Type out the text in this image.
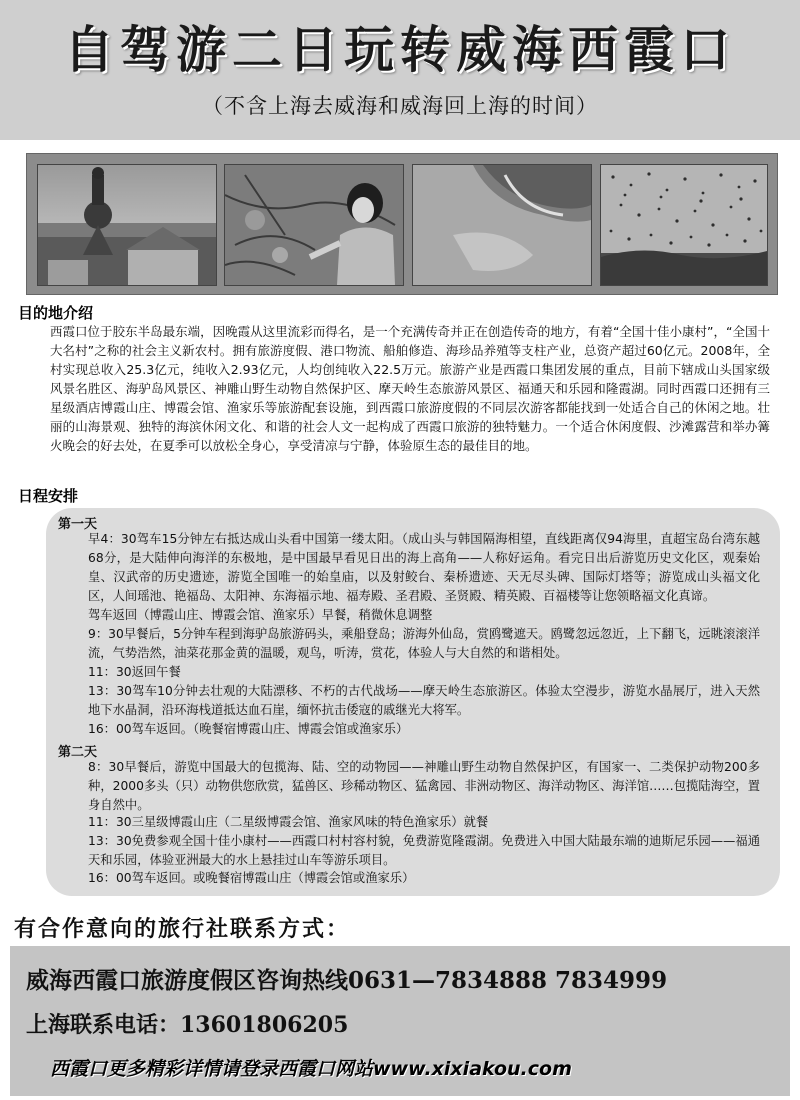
自驾游二日玩转威海西霞口
（不含上海去威海和威海回上海的时间）
目的地介绍
西霞口位于胶东半岛最东端，因晚霞从这里流彩而得名，是一个充满传奇并正在创造传奇的地方，有着“全国十佳小康村”，“全国十大名村”之称的社会主义新农村。拥有旅游度假、港口物流、船舶修造、海珍品养殖等支柱产业，总资产超过60亿元。2008年，全村实现总收入25.3亿元，纯收入2.93亿元，人均创纯收入22.5万元。旅游产业是西霞口集团发展的重点，目前下辖成山头国家级风景名胜区、海驴岛风景区、神雕山野生动物自然保护区、摩天岭生态旅游风景区、福通天和乐园和隆霞湖。同时西霞口还拥有三星级酒店博霞山庄、博霞会馆、渔家乐等旅游配套设施，到西霞口旅游度假的不同层次游客都能找到一处适合自己的休闲之地。壮丽的山海景观、独特的海滨休闲文化、和谐的社会人文一起构成了西霞口旅游的独特魅力。一个适合休闲度假、沙滩露营和举办篝火晚会的好去处，在夏季可以放松全身心，享受清凉与宁静，体验原生态的最佳目的地。
日程安排
第一天
早4：30驾车15分钟左右抵达成山头看中国第一缕太阳。（成山头与韩国隔海相望，直线距离仅94海里，直超宝岛台湾东越68分，是大陆伸向海洋的东极地，是中国最早看见日出的海上高角——人称好运角。看完日出后游览历史文化区，观秦始皇、汉武帝的历史遗迹，游览全国唯一的始皇庙，以及射鲛台、秦桥遗迹、天无尽头碑、国际灯塔等；游览成山头福文化区，人间瑶池、艳福岛、太阳神、东海福示地、福寿殿、圣君殿、圣贤殿、精英殿、百福楼等让您领略福文化真谛。
驾车返回（博霞山庄、博霞会馆、渔家乐）早餐，稍微休息调整
9：30早餐后，5分钟车程到海驴岛旅游码头，乘船登岛；游海外仙岛，赏鸥鹭遮天。鸥鹭忽远忽近，上下翻飞，远眺滚滚洋流，气势浩然，油菜花那金黄的温暖，观鸟，听涛，赏花，体验人与大自然的和谐相处。
11：30返回午餐
13：30驾车10分钟去壮观的大陆漂移、不朽的古代战场——摩天岭生态旅游区。体验太空漫步，游览水晶展厅，进入天然地下水晶洞，沿环海栈道抵达血石崖，缅怀抗击倭寇的戚继光大将军。
16：00驾车返回。（晚餐宿博霞山庄、博霞会馆或渔家乐）
第二天
8：30早餐后，游览中国最大的包揽海、陆、空的动物园——神雕山野生动物自然保护区，有国家一、二类保护动物200多种，2000多头（只）动物供您欣赏，猛兽区、珍稀动物区、猛禽园、非洲动物区、海洋动物区、海洋馆……包揽陆海空，置身自然中。
11：30三星级博霞山庄（二星级博霞会馆、渔家风味的特色渔家乐）就餐
13：30免费参观全国十佳小康村——西霞口村村容村貌，免费游览隆霞湖。免费进入中国大陆最东端的迪斯尼乐园——福通天和乐园，体验亚洲最大的水上悬挂过山车等游乐项目。
16：00驾车返回。或晚餐宿博霞山庄（博霞会馆或渔家乐）
有合作意向的旅行社联系方式：
威海西霞口旅游度假区咨询热线0631—7834888 7834999
上海联系电话：13601806205
西霞口更多精彩详情请登录西霞口网站www.xixiakou.com
